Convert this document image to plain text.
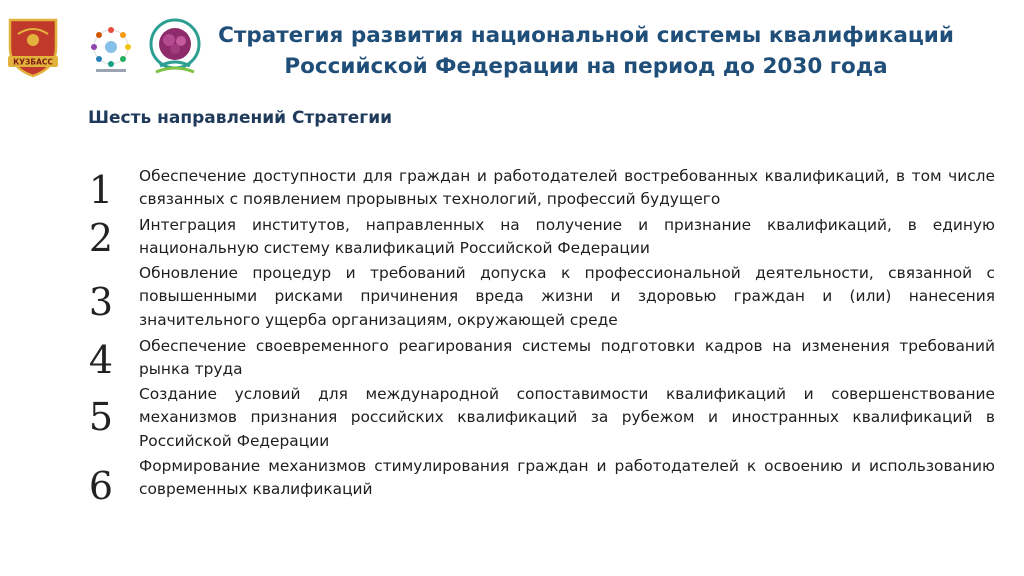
КУЗБАСС
Стратегия развития национальной системы квалификаций
Российской Федерации на период до 2030 года
Шесть направлений Стратегии
1 Обеспечение доступности для граждан и работодателей востребованных квалификаций, в том числе связанных с появлением прорывных технологий, профессий будущего

2 Интеграция институтов, направленных на получение и признание квалификаций, в единую национальную систему квалификаций Российской Федерации

3

Обновление процедур и требований допуска к профессиональной деятельности, связанной с повышенными рисками причинения вреда жизни и здоровью граждан и (или) нанесения значительного ущерба организациям, окружающей среде

4 Обеспечение своевременного реагирования системы подготовки кадров на изменения требований рынка труда

5

Создание условий для международной сопоставимости квалификаций и совершенствование механизмов признания российских квалификаций за рубежом и иностранных квалификаций в Российской Федерации

6 Формирование механизмов стимулирования граждан и работодателей к освоению и использованию современных квалификаций
